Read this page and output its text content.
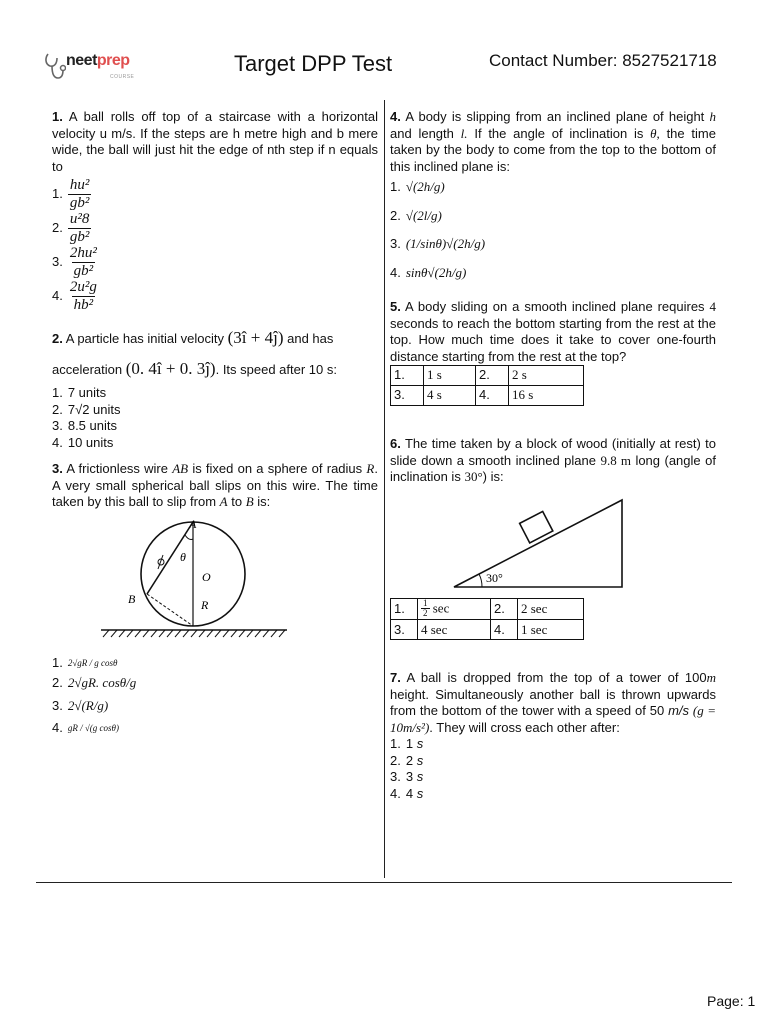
neetprep
COURSE
Target DPP Test	Contact Number: 8527521718

1. A ball rolls off top of a staircase with a horizontal velocity u m/s. If the steps are h metre high and b mere wide, the ball will just hit the edge of nth step if n equals to

1. $\frac{\text{hu²}}{\text{gb²}}$
2. $\frac{\text{u²8}}{\text{gb²}}$
3. $\frac{\text{2hu²}}{\text{gb²}}$
4. $\frac{\text{2u²g}}{\text{hb²}}$

2. A particle has initial velocity (3î + 4ĵ) and has

acceleration (0. 4î + 0. 3ĵ). Its speed after 10 s:

1. 7 units
2. 7√2 units
3. 8.5 units
4. 10 units

3. A frictionless wire AB is fixed on a sphere of radius R. A very small spherical ball slips on this wire. The time taken by this ball to slip from A to B is:

A
B
O
R
θ
1. 2√gR / g cosθ
2. 2√gR. cosθ/g
3. 2√(R/g)
4. gR / √(g cosθ)

4. A body is slipping from an inclined plane of height h and length l. If the angle of inclination is θ, the time taken by the body to come from the top to the bottom of this inclined plane is:

1. √(2h/g)
2. √(2l/g)
3. (1/sinθ)√(2h/g)
4. sinθ√(2h/g)

5. A body sliding on a smooth inclined plane requires 4 seconds to reach the bottom starting from the rest at the top. How much time does it take to cover one-fourth distance starting from the rest at the top?

1.	1 s	2.	2 s
3.	4 s	4.	16 s

6. The time taken by a block of wood (initially at rest) to slide down a smooth inclined plane 9.8 m long (angle of inclination is 30°) is:

30°
1.	$\frac{1}{2}$ sec	2.	2 sec
3.	4 sec	4.	1 sec

7. A ball is dropped from the top of a tower of 100m height. Simultaneously another ball is thrown upwards from the bottom of the tower with a speed of 50 m/s (g = 10m/s²). They will cross each other after:

1. 1
s
2. 2
s
3. 3
s
4. 4
s
Page: 1
